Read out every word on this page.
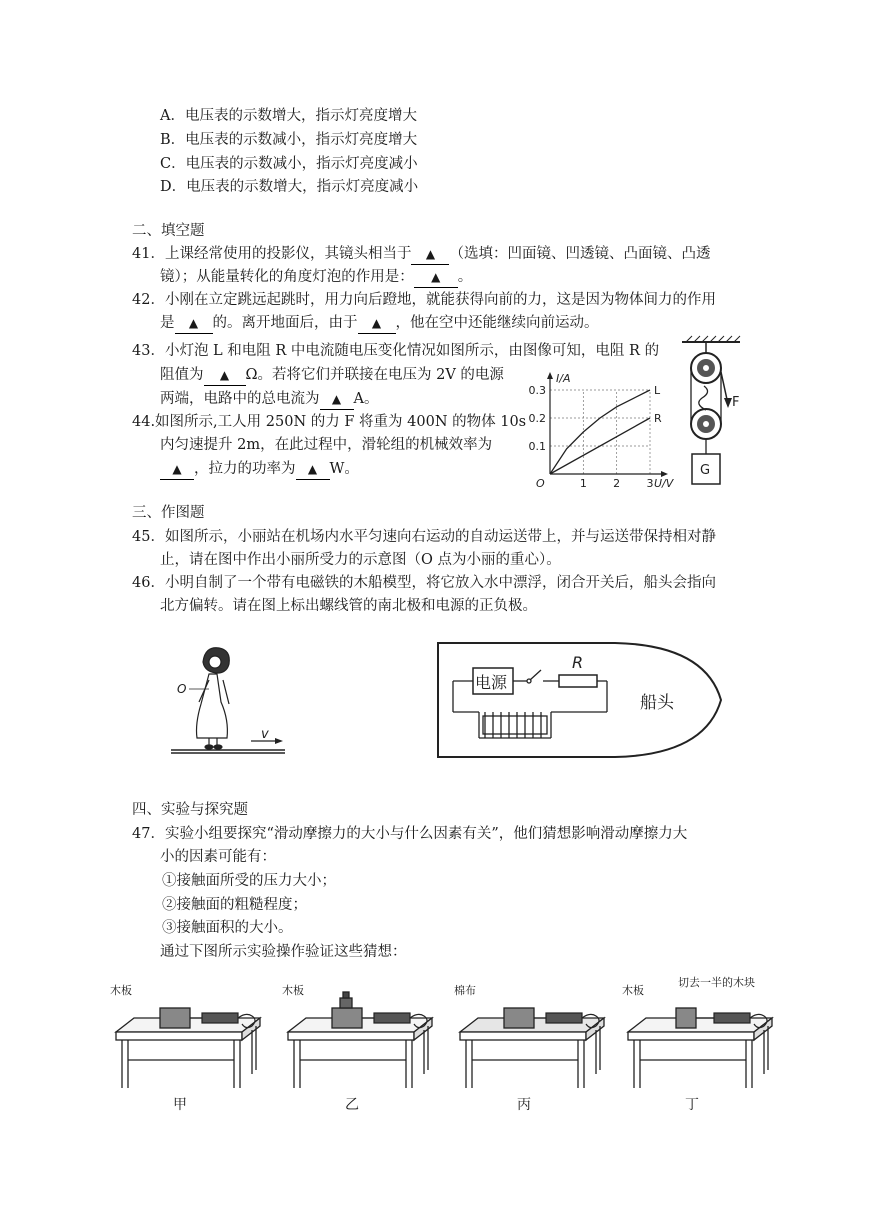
A．电压表的示数增大，指示灯亮度增大
B．电压表的示数减小，指示灯亮度增大
C．电压表的示数减小，指示灯亮度减小
D．电压表的示数增大，指示灯亮度减小
二、填空题
41．上课经常使用的投影仪，其镜头相当于 ▲ （选填：凹面镜、凹透镜、凸面镜、凸透
镜）；从能量转化的角度灯泡的作用是： ▲ 。
42．小刚在立定跳远起跳时，用力向后蹬地，就能获得向前的力，这是因为物体间力的作用
是 ▲ 的。离开地面后，由于 ▲ ，他在空中还能继续向前运动。
43．小灯泡 L 和电阻 R 中电流随电压变化情况如图所示，由图像可知，电阻 R 的
阻值为 ▲ Ω。若将它们并联接在电压为 2V 的电源
两端，电路中的总电流为 ▲ A。
44.如图所示,工人用 250N 的力 F 将重为 400N 的物体 10s
内匀速提升 2m，在此过程中，滑轮组的机械效率为
▲ ，拉力的功率为 ▲ W。
0.1
0.2
0.3
1 2 3
O	U/V
I/A
L
R
F
G
三、作图题
45．如图所示，小丽站在机场内水平匀速向右运动的自动运送带上，并与运送带保持相对静
止，请在图中作出小丽所受力的示意图（O 点为小丽的重心）。
46．小明自制了一个带有电磁铁的木船模型，将它放入水中漂浮，闭合开关后，船头会指向
北方偏转。请在图上标出螺线管的南北极和电源的正负极。
O
v
电源
R
船头
四、实验与探究题
47．实验小组要探究“滑动摩擦力的大小与什么因素有关”，他们猜想影响滑动摩擦力大
小的因素可能有：
①接触面所受的压力大小；
②接触面的粗糙程度；
③接触面积的大小。
通过下图所示实验操作验证这些猜想：
木板
甲
木板
乙
棉布
丙
木板
切去一半的木块
丁
